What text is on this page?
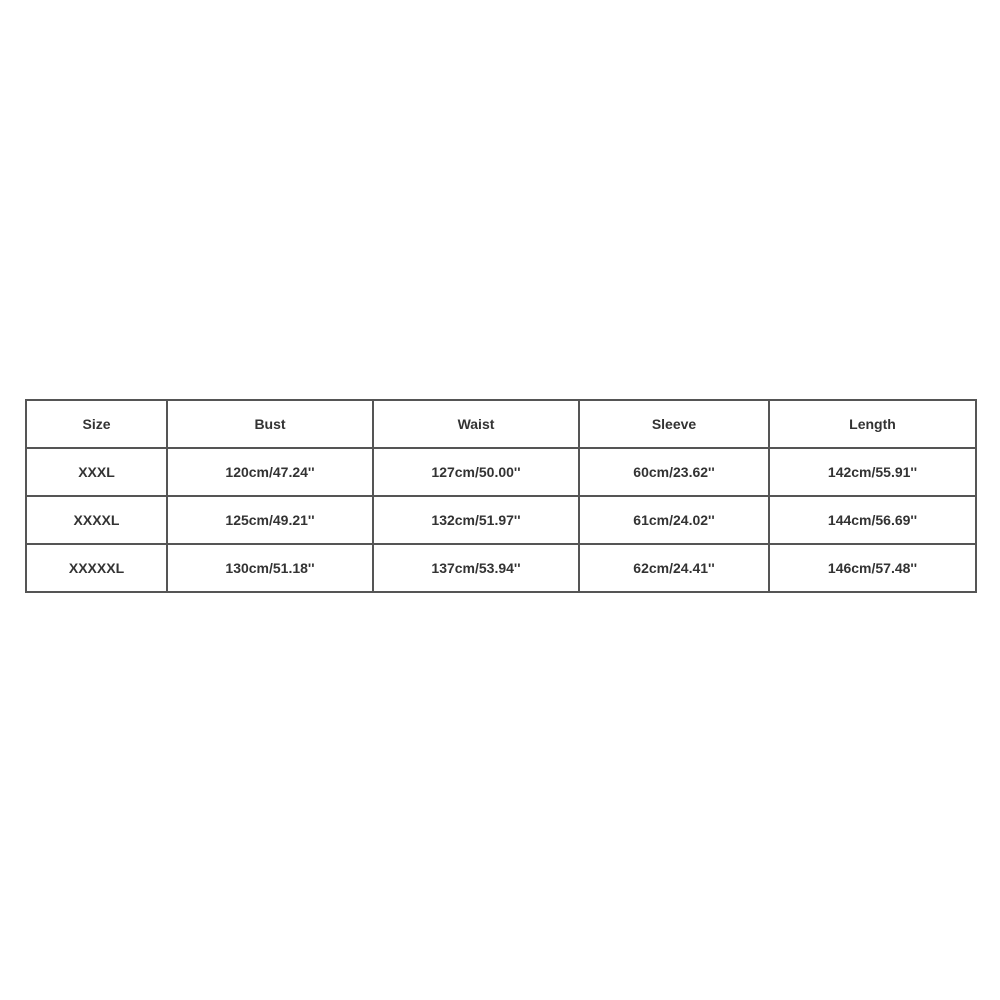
Size	Bust	Waist	Sleeve	Length
XXXL	120cm/47.24''	127cm/50.00''	60cm/23.62''	142cm/55.91''
XXXXL	125cm/49.21''	132cm/51.97''	61cm/24.02''	144cm/56.69''
XXXXXL	130cm/51.18''	137cm/53.94''	62cm/24.41''	146cm/57.48''
